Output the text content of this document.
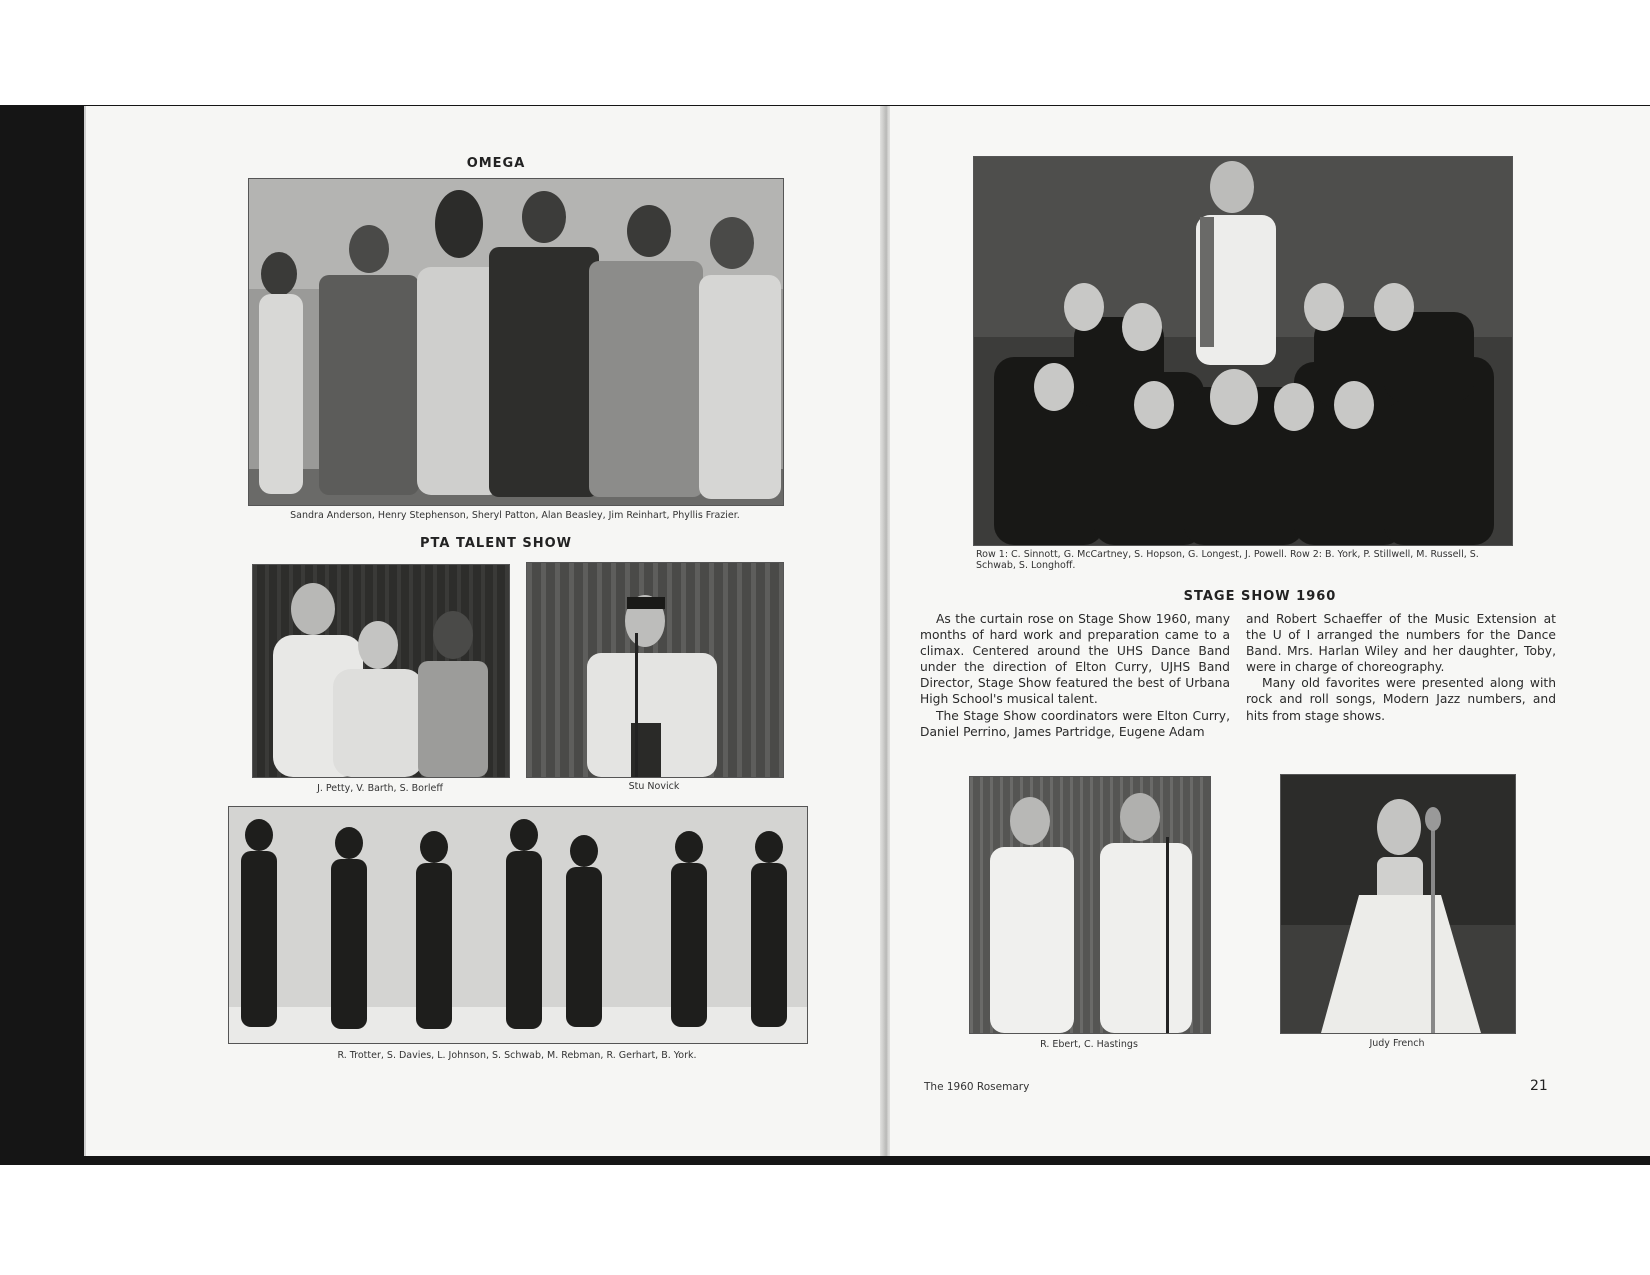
OMEGA
Sandra Anderson, Henry Stephenson, Sheryl Patton, Alan Beasley, Jim Reinhart, Phyllis Frazier.
PTA TALENT SHOW
J. Petty, V. Barth, S. Borleff	Stu Novick
R. Trotter, S. Davies, L. Johnson, S. Schwab, M. Rebman, R. Gerhart, B. York.
Row 1: C. Sinnott, G. McCartney, S. Hopson, G. Longest, J. Powell. Row 2: B. York, P. Stillwell, M. Russell, S. Schwab, S. Longhoff.
STAGE SHOW 1960

As the curtain rose on Stage Show 1960, many months of hard work and preparation came to a climax. Centered around the UHS Dance Band under the direction of Elton Curry, UJHS Band Director, Stage Show featured the best of Urbana High School's musical talent.

The Stage Show coordinators were Elton Curry, Daniel Perrino, James Partridge, Eugene Adam

and Robert Schaeffer of the Music Extension at the U of I arranged the numbers for the Dance Band. Mrs. Harlan Wiley and her daughter, Toby, were in charge of choreography.

Many old favorites were presented along with rock and roll songs, Modern Jazz numbers, and hits from stage shows.

R. Ebert, C. Hastings	Judy French
The 1960 Rosemary	21
